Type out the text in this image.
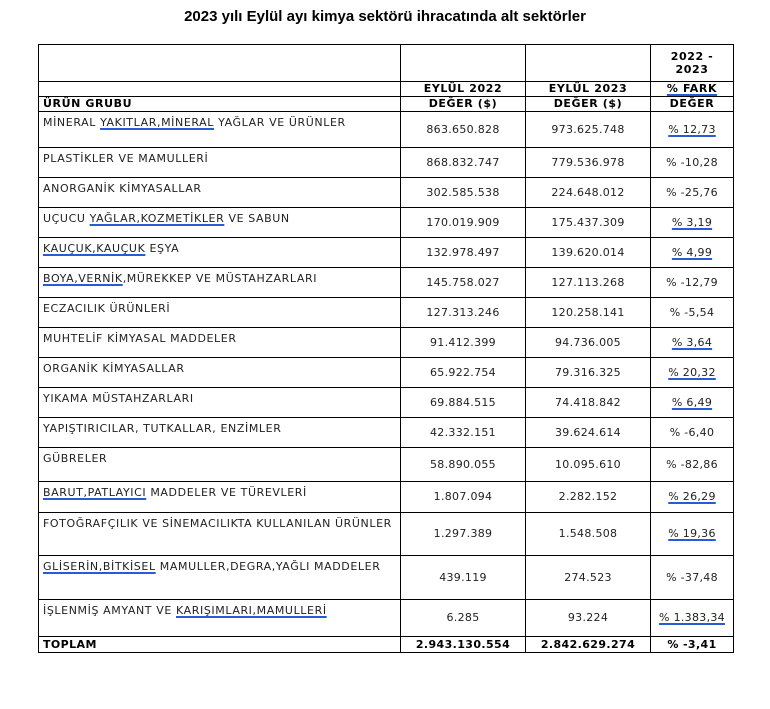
2023 yılı Eylül ayı kimya sektörü ihracatında alt sektörler

			2022 -
2023

	EYLÜL 2022	EYLÜL 2023	% FARK
ÜRÜN GRUBU	DEĞER ($)	DEĞER ($)	DEĞER
MİNERAL YAKITLAR,MİNERAL YAĞLAR VE ÜRÜNLER	863.650.828	973.625.748	% 12,73
PLASTİKLER VE MAMULLERİ	868.832.747	779.536.978	% -10,28
ANORGANİK KİMYASALLAR	302.585.538	224.648.012	% -25,76
UÇUCU YAĞLAR,KOZMETİKLER VE SABUN	170.019.909	175.437.309	% 3,19
KAUÇUK,KAUÇUK EŞYA	132.978.497	139.620.014	% 4,99
BOYA,VERNİK,MÜREKKEP VE MÜSTAHZARLARI	145.758.027	127.113.268	% -12,79
ECZACILIK ÜRÜNLERİ	127.313.246	120.258.141	% -5,54
MUHTELİF KİMYASAL MADDELER	91.412.399	94.736.005	% 3,64
ORGANİK KİMYASALLAR	65.922.754	79.316.325	% 20,32
YIKAMA MÜSTAHZARLARI	69.884.515	74.418.842	% 6,49
YAPIŞTIRICILAR, TUTKALLAR, ENZİMLER	42.332.151	39.624.614	% -6,40
GÜBRELER	58.890.055	10.095.610	% -82,86
BARUT,PATLAYICI MADDELER VE TÜREVLERİ	1.807.094	2.282.152	% 26,29
FOTOĞRAFÇILIK VE SİNEMACILIKTA KULLANILAN ÜRÜNLER	1.297.389	1.548.508	% 19,36
GLİSERİN,BİTKİSEL MAMULLER,DEGRA,YAĞLI MADDELER	439.119	274.523	% -37,48
İŞLENMİŞ AMYANT VE KARIŞIMLARI,MAMULLERİ	6.285	93.224	% 1.383,34
TOPLAM	2.943.130.554	2.842.629.274	% -3,41
